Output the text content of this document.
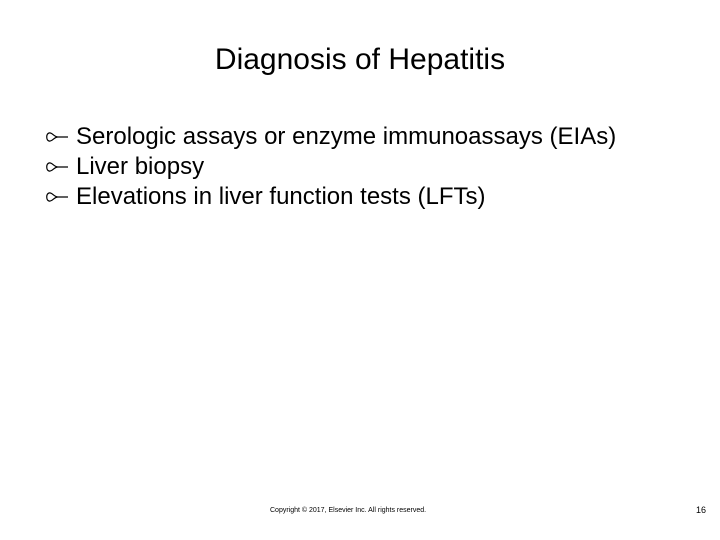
Diagnosis of Hepatitis
Serologic assays or enzyme immunoassays (EIAs)
Liver biopsy
Elevations in liver function tests (LFTs)
Copyright © 2017, Elsevier Inc. All rights reserved.	16
